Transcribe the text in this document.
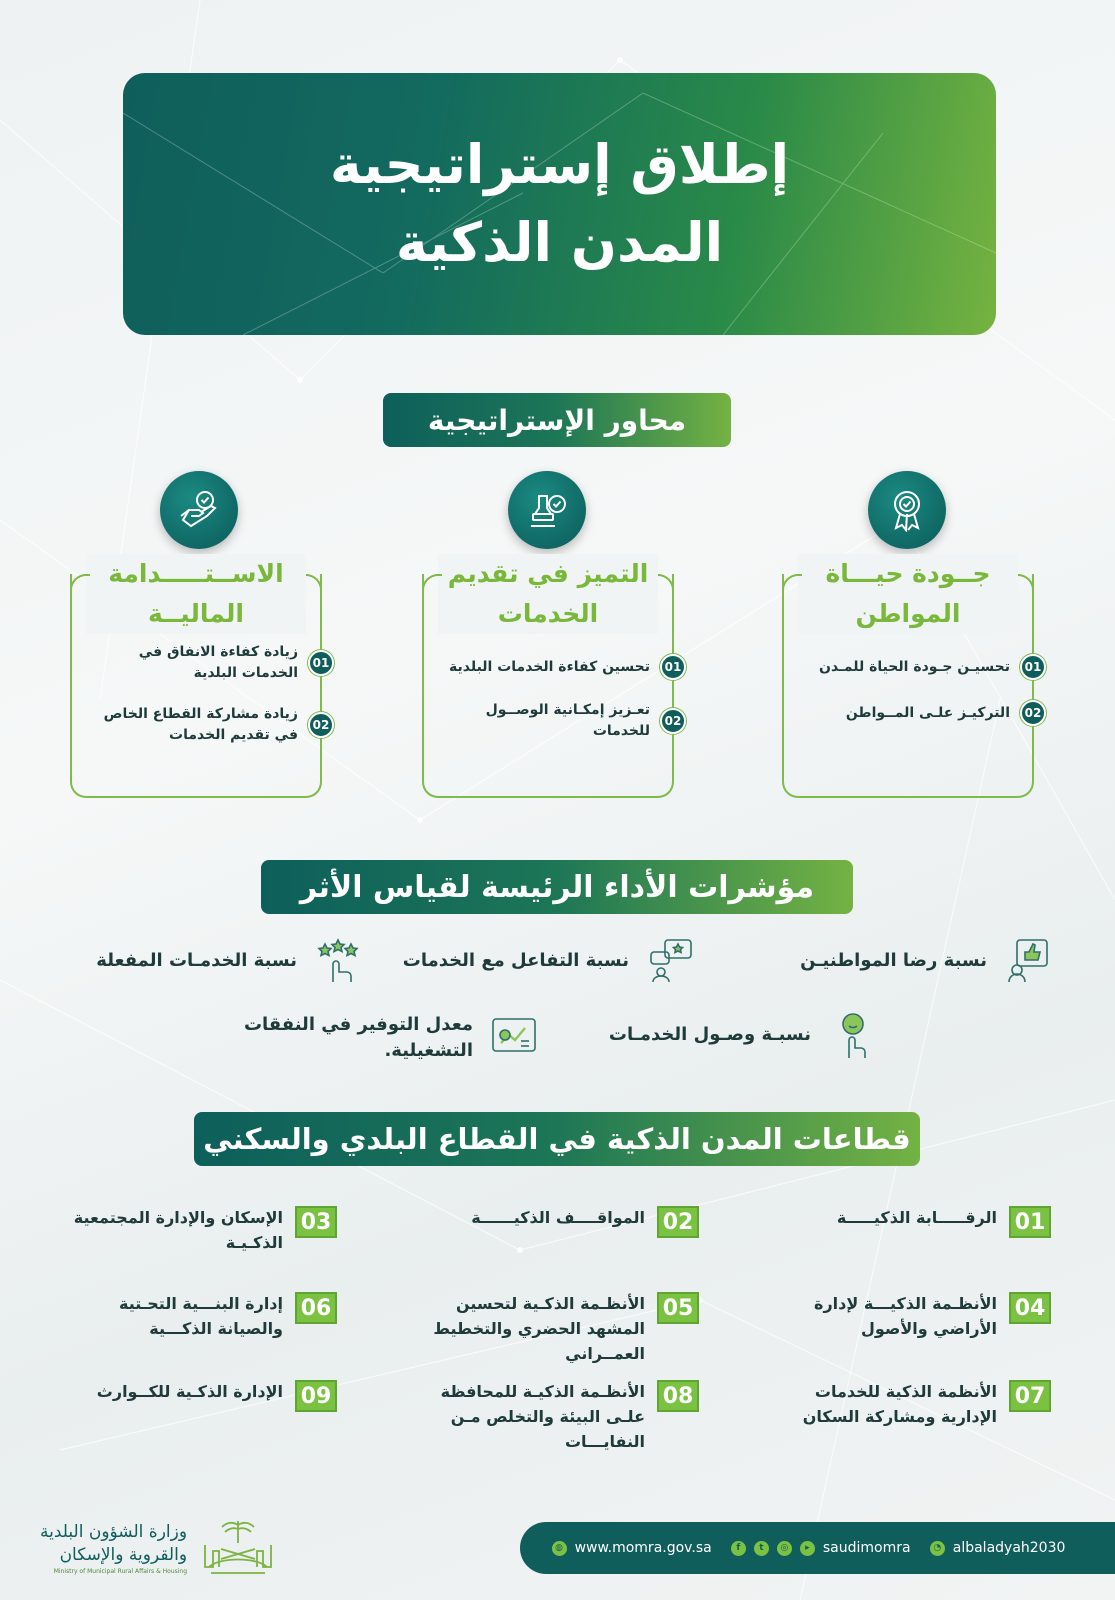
إطلاق إستراتيجية
المدن الذكية
محاور الإستراتيجية
جــودة حيـــاة
المواطن
01
تحسيـن جـودة الحياة للمـدن
02
التركيـز علـى المــواطن
التميز في تقديم
الخدمات
01
تحسين كفاءة الخدمات البلدية
02
تعـزيز إمكـانية الوصــول للخدمات
الاســتـــــدامة
الماليــة
01
زيادة كفاءة الانفاق في الخدمات البلدية
02
زيادة مشاركة القطاع الخاص في تقديم الخدمات
مؤشرات الأداء الرئيسة لقياس الأثر
نسبة رضا المواطنيـن
نسبة التفاعل مع الخدمات
نسبة الخدمـات المفعلة
نسبـة وصـول الخدمـات
معدل التوفير في النفقات
التشغيلية.
قطاعات المدن الذكية في القطاع البلدي والسكني
01
الرقـــــابة الذكيـــــة
02
المواقــــف الذكيــــــة
03
الإسكان والإدارة المجتمعية الذكـيـة
04
الأنظـمة الذكيـــة لإدارة الأراضي والأصول
05
الأنظـمة الذكـية لتحسين المشهد الحضري والتخطيط العمــراني
06
إدارة البنـــية التحـتية والصيانة الذكـــية
07
الأنظمة الذكية للخدمات الإدارية ومشاركة السكان
08
الأنظـمة الذكيـة للمحافظة علـى البيئة والتخلص مـن النفايـــات
09
الإدارة الذكـية للكــوارث
وزارة الشؤون البلدية
والقروية والإسكان
Ministry of Municipal Rural Affairs & Housing
◍ www.momra.gov.sa	f	t	◎	▸ saudimomra	◔ albaladyah2030
